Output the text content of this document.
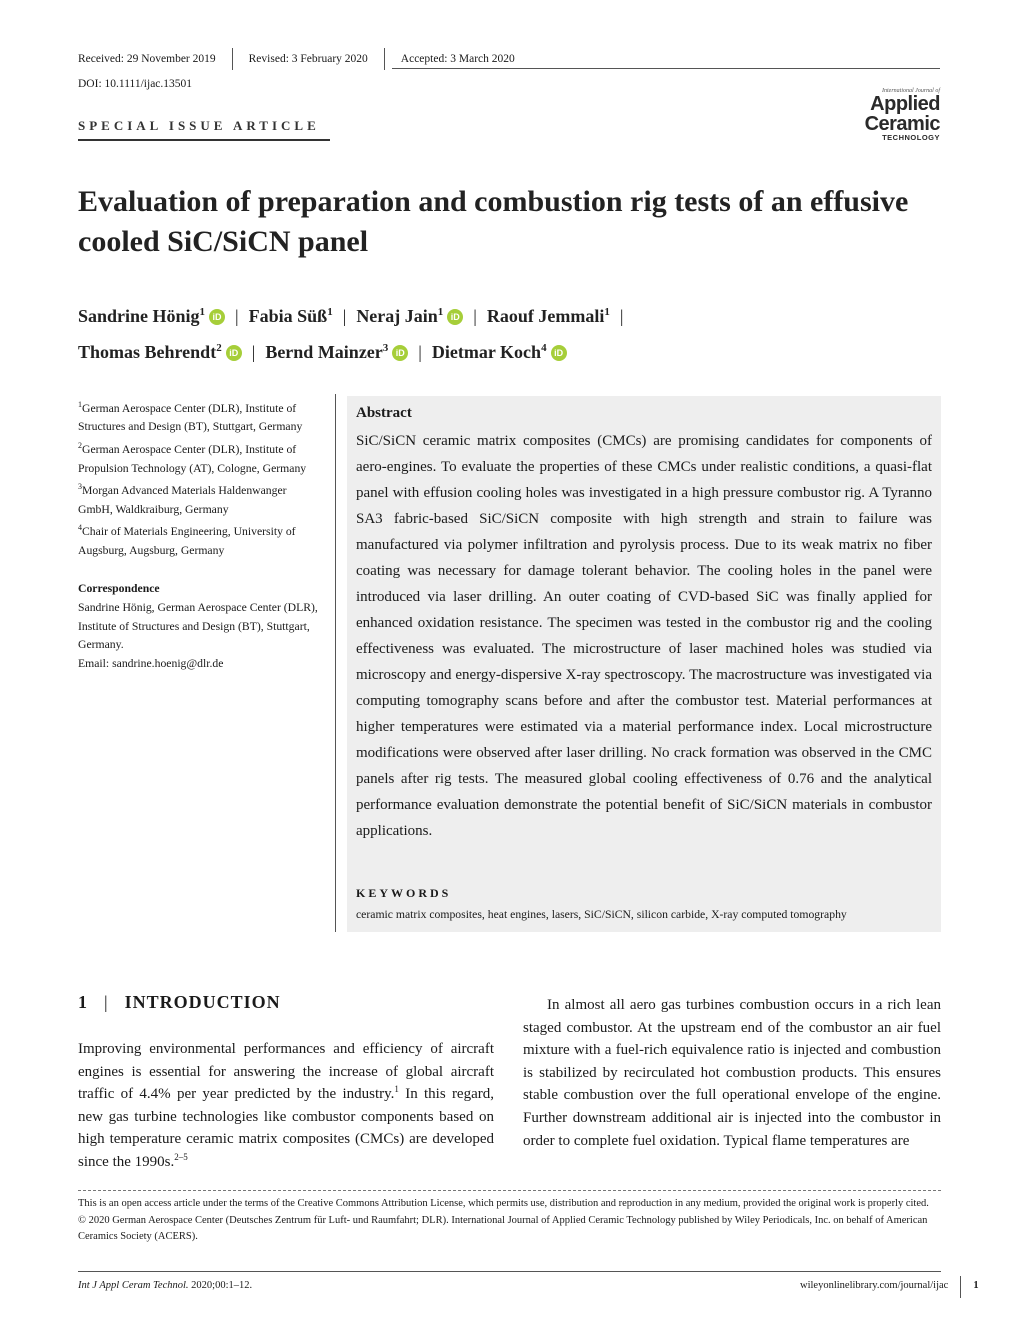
Received: 29 November 2019	Revised: 3 February 2020	Accepted: 3 March 2020
DOI: 10.1111/ijac.13501
SPECIAL ISSUE ARTICLE
International Journal of
Applied
Ceramic
TECHNOLOGY
Evaluation of preparation and combustion rig tests of an effusive cooled SiC/SiCN panel
Sandrine Hönig$^1$ iD | Fabia Süß$^1$ | Neraj Jain$^1$ iD | Raouf Jemmali$^1$ |
Thomas Behrendt$^2$ iD | Bernd Mainzer$^3$ iD | Dietmar Koch$^4$ iD

$^1$German Aerospace Center (DLR), Institute of Structures and Design (BT), Stuttgart, Germany

$^2$German Aerospace Center (DLR), Institute of Propulsion Technology (AT), Cologne, Germany

$^3$Morgan Advanced Materials Haldenwanger GmbH, Waldkraiburg, Germany

$^4$Chair of Materials Engineering, University of Augsburg, Augsburg, Germany

Correspondence
Sandrine Hönig, German Aerospace Center (DLR), Institute of Structures and Design (BT), Stuttgart, Germany.
Email: sandrine.hoenig@dlr.de
Abstract
SiC/SiCN ceramic matrix composites (CMCs) are promising candidates for components of aero-engines. To evaluate the properties of these CMCs under realistic conditions, a quasi-flat panel with effusion cooling holes was investigated in a high pressure combustor rig. A Tyranno SA3 fabric-based SiC/SiCN composite with high strength and strain to failure was manufactured via polymer infiltration and pyrolysis process. Due to its weak matrix no fiber coating was necessary for damage tolerant behavior. The cooling holes in the panel were introduced via laser drilling. An outer coating of CVD-based SiC was finally applied for enhanced oxidation resistance. The specimen was tested in the combustor rig and the cooling effectiveness was evaluated. The microstructure of laser machined holes was studied via microscopy and energy-dispersive X-ray spectroscopy. The macrostructure was investigated via computing tomography scans before and after the combustor test. Material performances at higher temperatures were estimated via a material performance index. Local microstructure modifications were observed after laser drilling. No crack formation was observed in the CMC panels after rig tests. The measured global cooling effectiveness of 0.76 and the analytical performance evaluation demonstrate the potential benefit of SiC/SiCN materials in combustor applications.
KEYWORDS
ceramic matrix composites, heat engines, lasers, SiC/SiCN, silicon carbide, X-ray computed tomography
1 | INTRODUCTION
Improving environmental performances and efficiency of aircraft engines is essential for answering the increase of global aircraft traffic of 4.4% per year predicted by the industry.$^1$ In this regard, new gas turbine technologies like combustor components based on high temperature ceramic matrix composites (CMCs) are developed since the 1990s.$^{2-5}$
In almost all aero gas turbines combustion occurs in a rich lean staged combustor. At the upstream end of the combustor an air fuel mixture with a fuel-rich equivalence ratio is injected and combustion is stabilized by recirculated hot combustion products. This ensures stable combustion over the full operational envelope of the engine. Further downstream additional air is injected into the combustor in order to complete fuel oxidation. Typical flame temperatures are
This is an open access article under the terms of the Creative Commons Attribution License, which permits use, distribution and reproduction in any medium, provided the original work is properly cited.
© 2020 German Aerospace Center (Deutsches Zentrum für Luft- und Raumfahrt; DLR). International Journal of Applied Ceramic Technology published by Wiley Periodicals, Inc. on behalf of American Ceramics Society (ACERS).
Int J Appl Ceram Technol. 2020;00:1–12.	wileyonlinelibrary.com/journal/ijac 1
